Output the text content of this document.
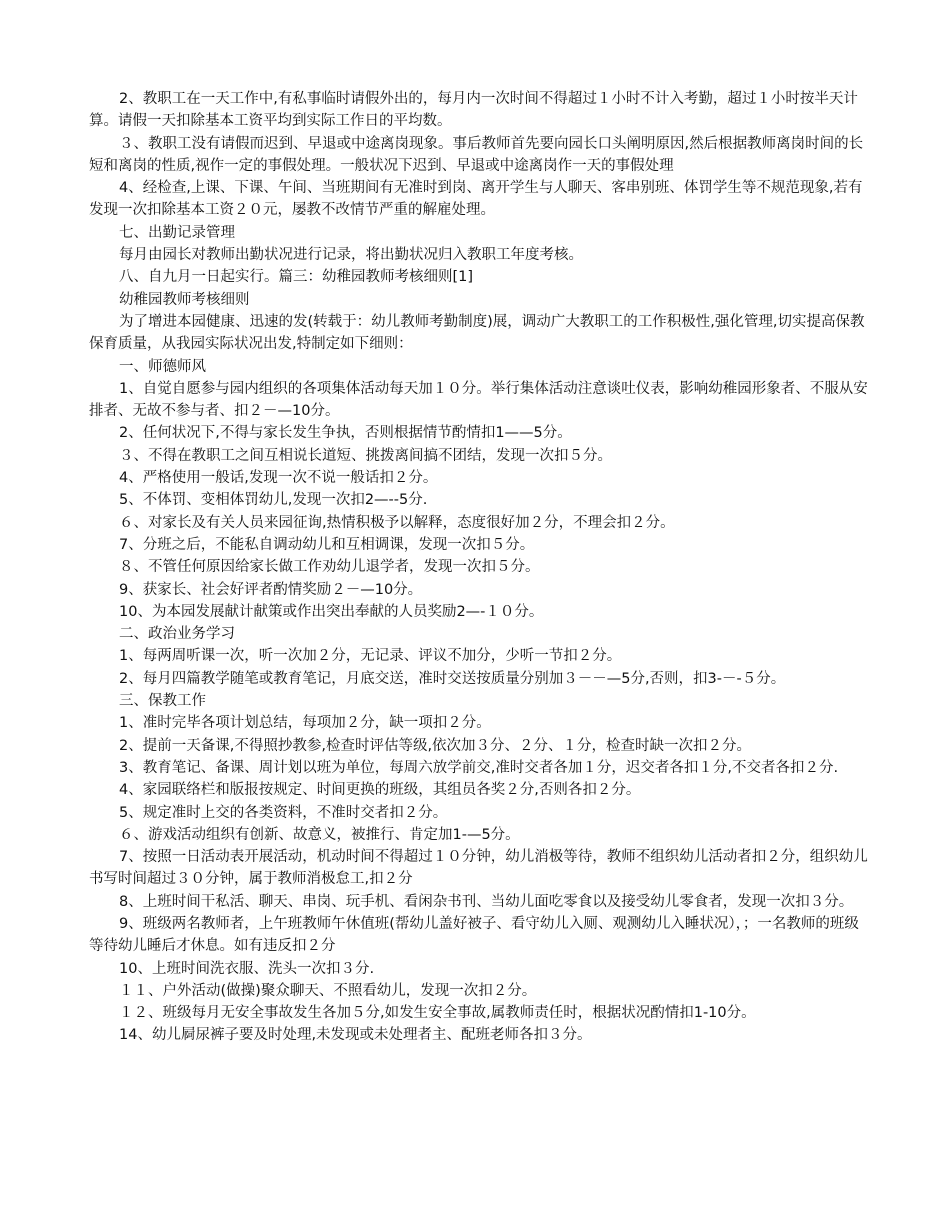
2、教职工在一天工作中,有私事临时请假外出的，每月内一次时间不得超过１小时不计入考勤，超过１小时按半天计算。请假一天扣除基本工资平均到实际工作日的平均数。

３、教职工没有请假而迟到、早退或中途离岗现象。事后教师首先要向园长口头阐明原因,然后根据教师离岗时间的长短和离岗的性质,视作一定的事假处理。一般状况下迟到、早退或中途离岗作一天的事假处理

4、经检查,上课、下课、午间、当班期间有无准时到岗、离开学生与人聊天、客串别班、体罚学生等不规范现象,若有发现一次扣除基本工资２０元，屡教不改情节严重的解雇处理。

七、出勤记录管理

每月由园长对教师出勤状况进行记录，将出勤状况归入教职工年度考核。

八、自九月一日起实行。篇三：幼稚园教师考核细则[1]

幼稚园教师考核细则

为了增进本园健康、迅速的发(转载于：幼儿教师考勤制度)展，调动广大教职工的工作积极性,强化管理,切实提高保教保育质量，从我园实际状况出发,特制定如下细则：

一、师德师风

1、自觉自愿参与园内组织的各项集体活动每天加１０分。举行集体活动注意谈吐仪表，影响幼稚园形象者、不服从安排者、无故不参与者、扣２－—10分。

2、任何状况下,不得与家长发生争执，否则根据情节酌情扣1——5分。

３、不得在教职工之间互相说长道短、挑拨离间搞不团结，发现一次扣５分。

4、严格使用一般话,发现一次不说一般话扣２分。

5、不体罚、变相体罚幼儿,发现一次扣2—--5分.

６、对家长及有关人员来园征询,热情积极予以解释，态度很好加２分，不理会扣２分。

7、分班之后，不能私自调动幼儿和互相调课，发现一次扣５分。

８、不管任何原因给家长做工作劝幼儿退学者，发现一次扣５分。

9、获家长、社会好评者酌情奖励２－—10分。

10、为本园发展献计献策或作出突出奉献的人员奖励2—-１０分。

二、政治业务学习

1、每两周听课一次，听一次加２分，无记录、评议不加分，少听一节扣２分。

2、每月四篇教学随笔或教育笔记，月底交送，准时交送按质量分别加３－－—5分,否则，扣3-－-５分。

三、保教工作

1、准时完毕各项计划总结，每项加２分，缺一项扣２分。

2、提前一天备课,不得照抄教参,检查时评估等级,依次加３分、２分、１分，检查时缺一次扣２分。

3、教育笔记、备课、周计划以班为单位，每周六放学前交,准时交者各加１分，迟交者各扣１分,不交者各扣２分.

4、家园联络栏和版报按规定、时间更换的班级，其组员各奖２分,否则各扣２分。

5、规定准时上交的各类资料，不准时交者扣２分。

６、游戏活动组织有创新、故意义，被推行、肯定加1-—5分。

7、按照一日活动表开展活动，机动时间不得超过１０分钟，幼儿消极等待，教师不组织幼儿活动者扣２分，组织幼儿书写时间超过３０分钟，属于教师消极怠工,扣２分

8、上班时间干私活、聊天、串岗、玩手机、看闲杂书刊、当幼儿面吃零食以及接受幼儿零食者，发现一次扣３分。

9、班级两名教师者，上午班教师午休值班(帮幼儿盖好被子、看守幼儿入厕、观测幼儿入睡状况），；一名教师的班级等待幼儿睡后才休息。如有违反扣２分

10、上班时间洗衣服、洗头一次扣３分.

１１、户外活动(做操)聚众聊天、不照看幼儿，发现一次扣２分。

１２、班级每月无安全事故发生各加５分,如发生安全事故,属教师责任时，根据状况酌情扣1-10分。

14、幼儿屙尿裤子要及时处理,未发现或未处理者主、配班老师各扣３分。
